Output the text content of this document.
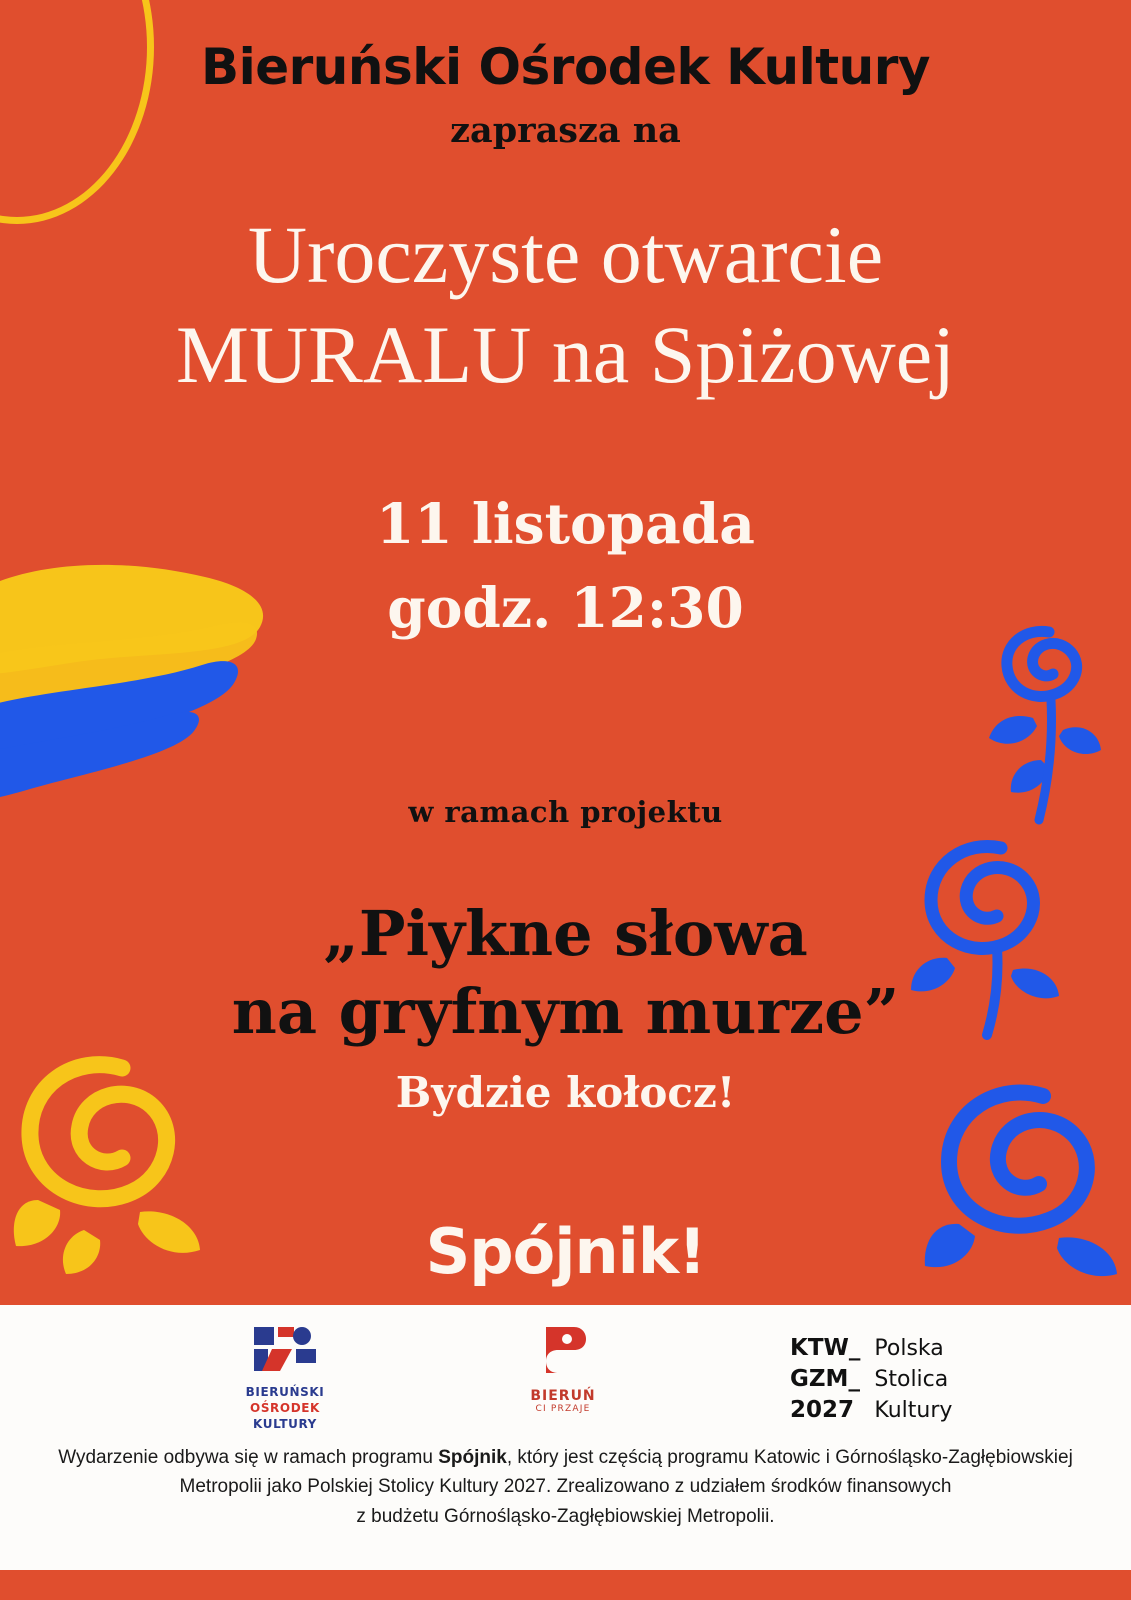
Bieruński Ośrodek Kultury
zaprasza na
Uroczyste otwarcie
MURALU na Spiżowej
11 listopada
godz. 12:30
w ramach projektu
„Piykne słowa
na gryfnym murze”
Bydzie kołocz!
Spójnik!
BIERUŃSKI
OŚRODEK
KULTURY
BIERUŃ
CI PRZAJE
KTW_
GZM_
2027
Polska
Stolica
Kultury
Wydarzenie odbywa się w ramach programu Spójnik, który jest częścią programu Katowic i Górnośląsko-Zagłębiowskiej
Metropolii jako Polskiej Stolicy Kultury 2027. Zrealizowano z udziałem środków finansowych
z budżetu Górnośląsko-Zagłębiowskiej Metropolii.
